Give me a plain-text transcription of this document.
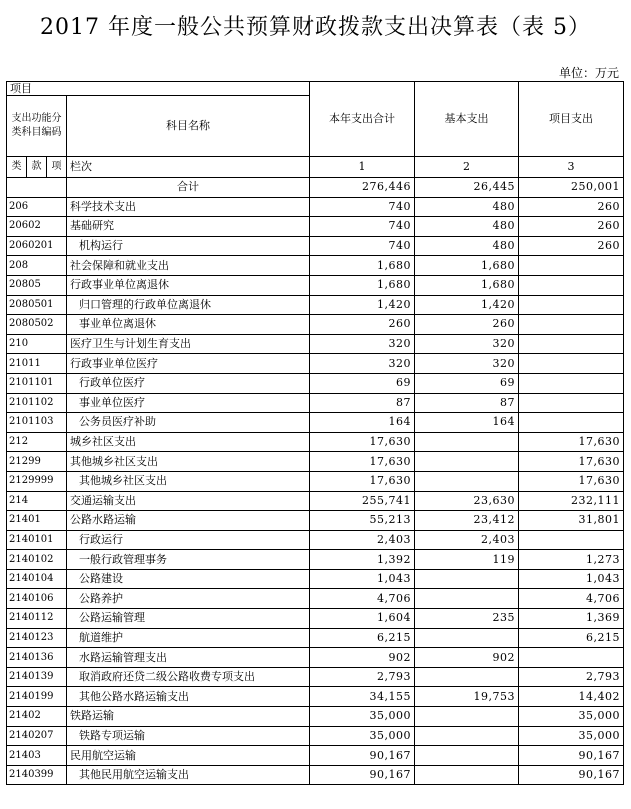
2017 年度一般公共预算财政拨款支出决算表（表 5）
单位：万元
项目				本年支出合计	基本支出	项目支出
支出功能分类科目编码			科目名称			
类	款	项				
			栏次	1	2	3
			合计	276,446	26,445	250,001
206			科学技术支出	740	480	260
20602			基础研究	740	480	260
2060201			机构运行	740	480	260
208			社会保障和就业支出	1,680	1,680	
20805			行政事业单位离退休	1,680	1,680	
2080501			归口管理的行政单位离退休	1,420	1,420	
2080502			事业单位离退休	260	260	
210			医疗卫生与计划生育支出	320	320	
21011			行政事业单位医疗	320	320	
2101101			行政单位医疗	69	69	
2101102			事业单位医疗	87	87	
2101103			公务员医疗补助	164	164	
212			城乡社区支出	17,630		17,630
21299			其他城乡社区支出	17,630		17,630
2129999			其他城乡社区支出	17,630		17,630
214			交通运输支出	255,741	23,630	232,111
21401			公路水路运输	55,213	23,412	31,801
2140101			行政运行	2,403	2,403	
2140102			一般行政管理事务	1,392	119	1,273
2140104			公路建设	1,043		1,043
2140106			公路养护	4,706		4,706
2140112			公路运输管理	1,604	235	1,369
2140123			航道维护	6,215		6,215
2140136			水路运输管理支出	902	902	
2140139			取消政府还贷二级公路收费专项支出	2,793		2,793
2140199			其他公路水路运输支出	34,155	19,753	14,402
21402			铁路运输	35,000		35,000
2140207			铁路专项运输	35,000		35,000
21403			民用航空运输	90,167		90,167
2140399			其他民用航空运输支出	90,167		90,167
